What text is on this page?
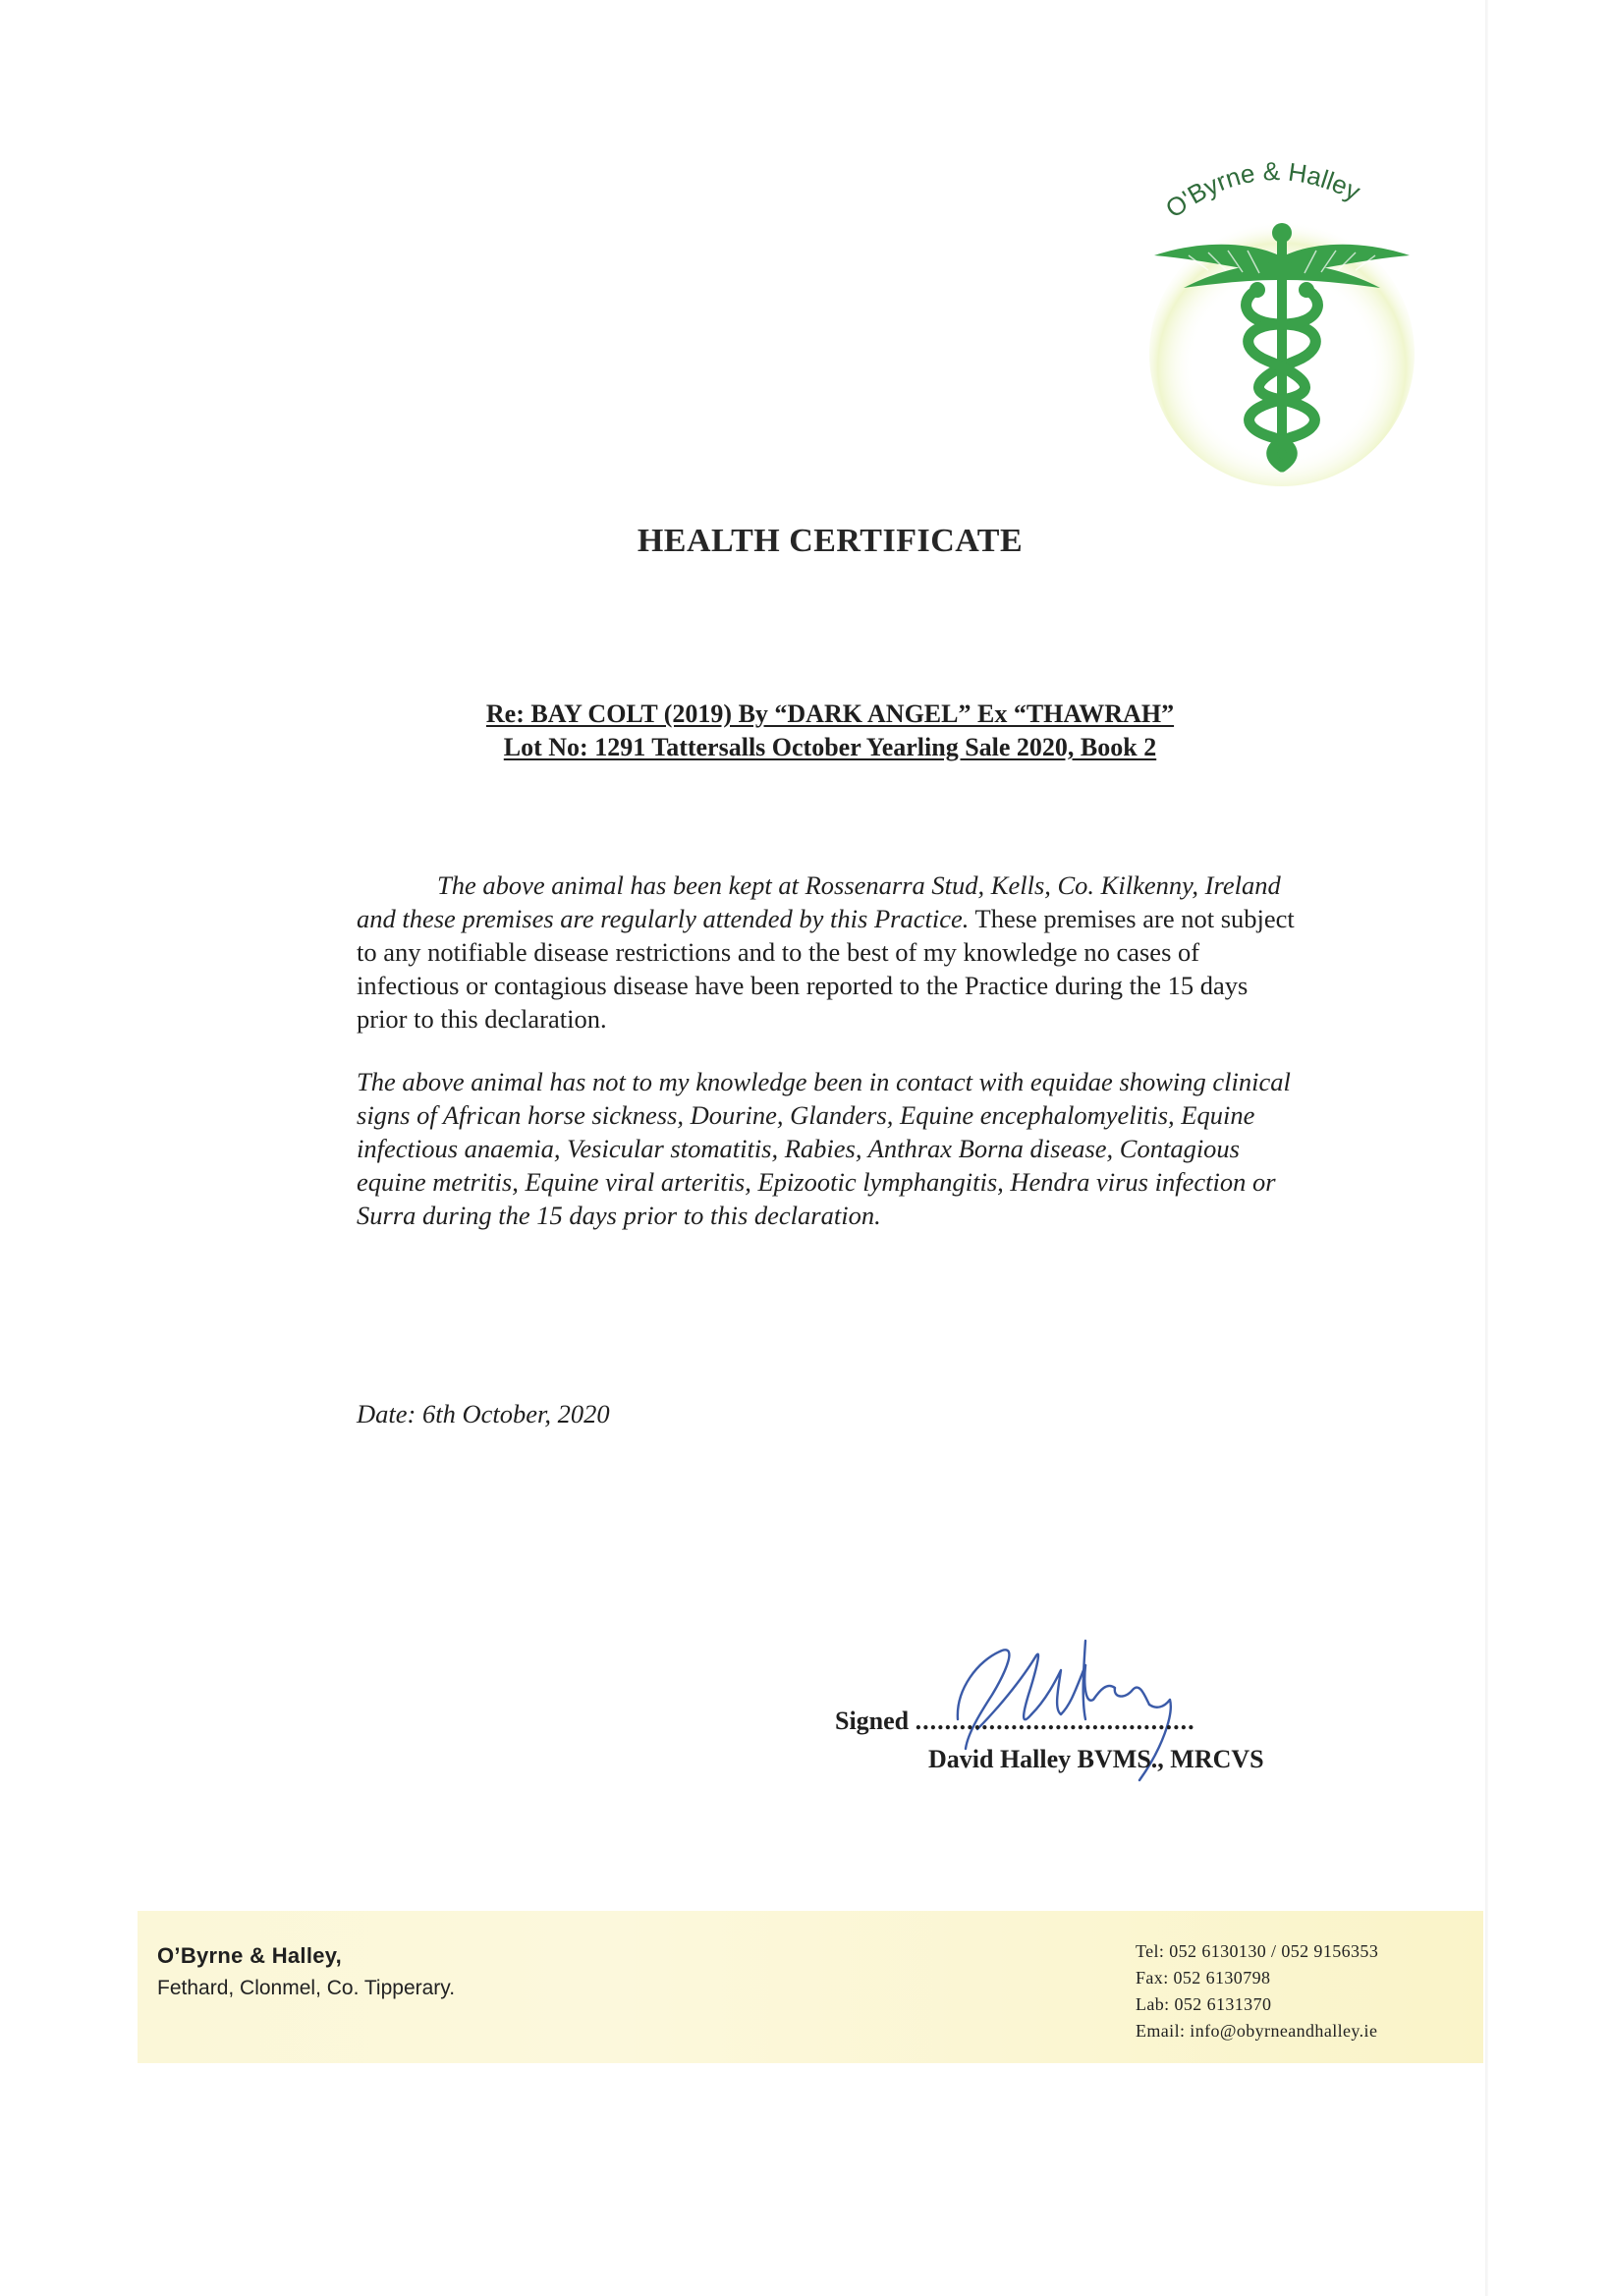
O'Byrne & Halley
HEALTH CERTIFICATE
Re: BAY COLT (2019) By “DARK ANGEL” Ex “THAWRAH”
Lot No: 1291 Tattersalls October Yearling Sale 2020, Book 2
The above animal has been kept at Rossenarra Stud, Kells, Co. Kilkenny, Ireland and these premises are regularly attended by this Practice. These premises are not subject to any notifiable disease restrictions and to the best of my knowledge no cases of infectious or contagious disease have been reported to the Practice during the 15 days prior to this declaration.
The above animal has not to my knowledge been in contact with equidae showing clinical signs of African horse sickness, Dourine, Glanders, Equine encephalomyelitis, Equine infectious anaemia, Vesicular stomatitis, Rabies, Anthrax Borna disease, Contagious equine metritis, Equine viral arteritis, Epizootic lymphangitis, Hendra virus infection or Surra during the 15 days prior to this declaration.
Date: 6th October, 2020
Signed ......................................
David Halley BVMS., MRCVS
O’Byrne & Halley,
Fethard, Clonmel, Co. Tipperary.
Tel: 052 6130130 / 052 9156353
Fax: 052 6130798
Lab: 052 6131370
Email: info@obyrneandhalley.ie
